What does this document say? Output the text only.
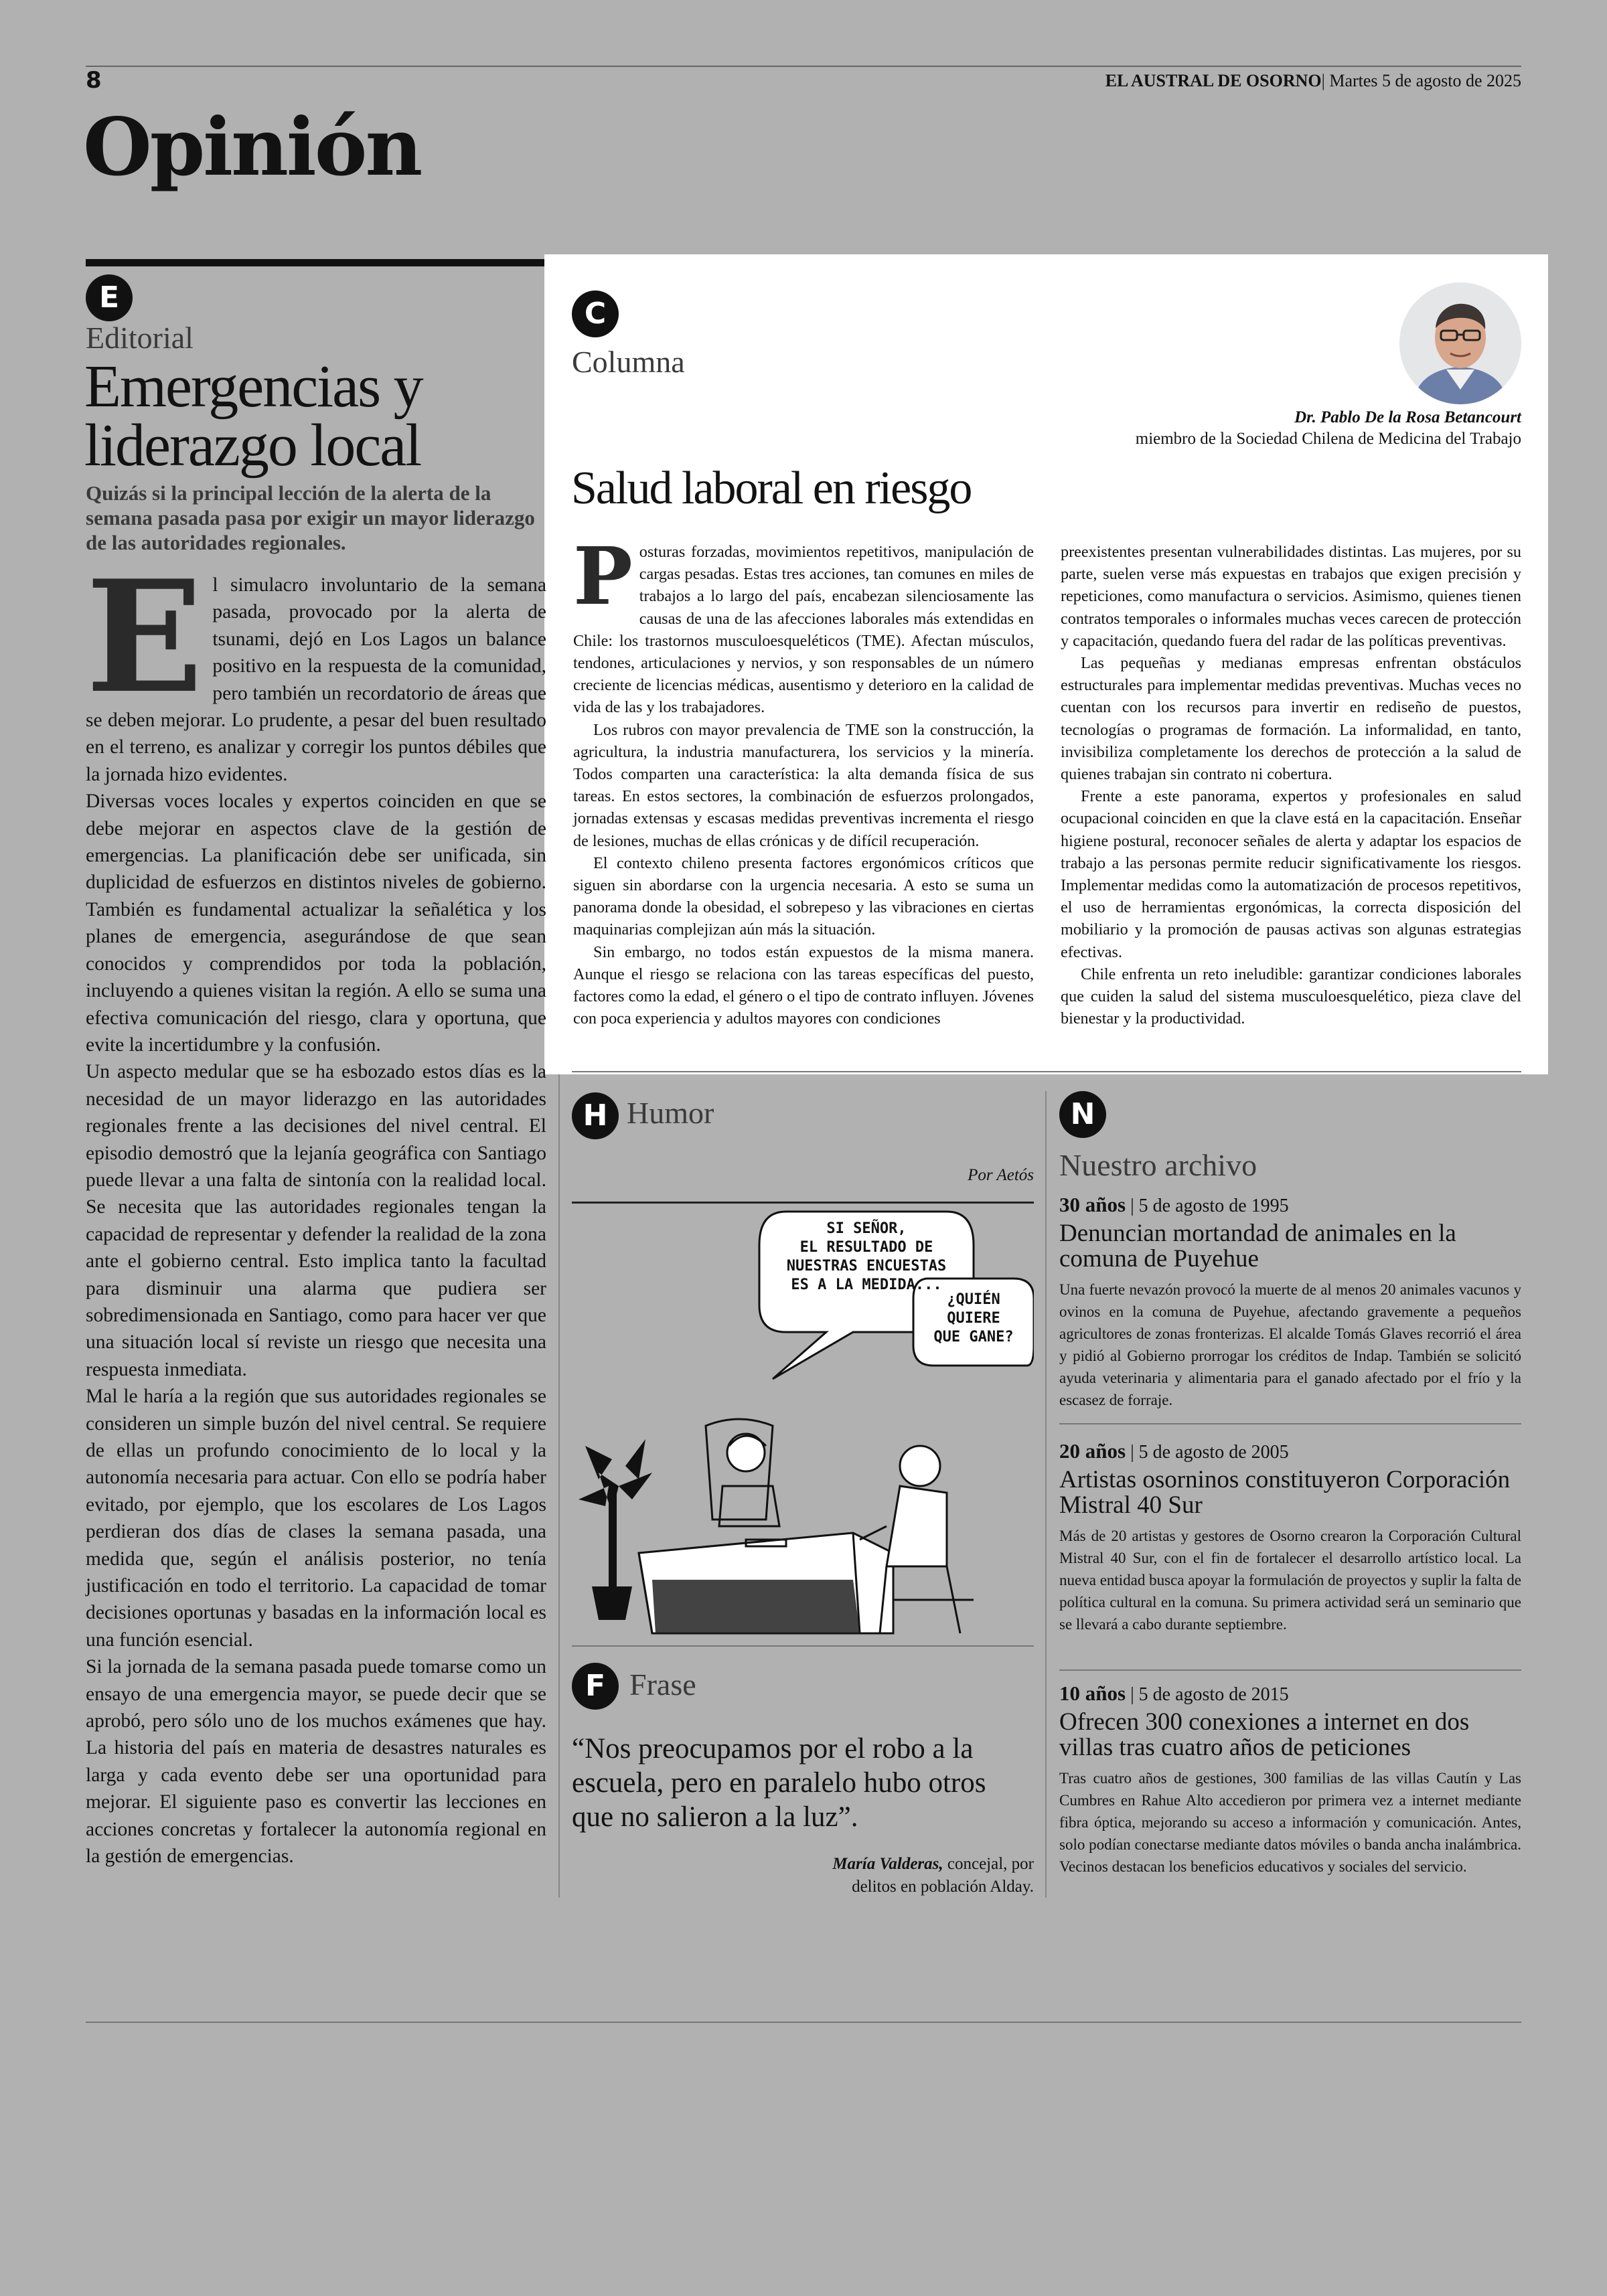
8	EL AUSTRAL DE OSORNO| Martes 5 de agosto de 2025
Opinión
E
Editorial
Emergencias y
liderazgo local
Quizás si la principal lección de la alerta de la semana pasada pasa por exigir un mayor liderazgo de las autoridades regionales.
E l simulacro involuntario de la semana pasada, provocado por la alerta de tsunami, dejó en Los Lagos un balance positivo en la respuesta de la comunidad, pero también un recordatorio de áreas que se deben mejorar. Lo prudente, a pesar del buen resultado en el terreno, es analizar y corregir los puntos débiles que la jornada hizo evidentes.

Diversas voces locales y expertos coinciden en que se debe mejorar en aspectos clave de la gestión de emergencias. La planificación debe ser unificada, sin duplicidad de esfuerzos en distintos niveles de gobierno. También es fundamental actualizar la señalética y los planes de emergencia, asegurándose de que sean conocidos y comprendidos por toda la población, incluyendo a quienes visitan la región. A ello se suma una efectiva comunicación del riesgo, clara y oportuna, que evite la incertidumbre y la confusión.

Un aspecto medular que se ha esbozado estos días es la necesidad de un mayor liderazgo en las autoridades regionales frente a las decisiones del nivel central. El episodio demostró que la lejanía geográfica con Santiago puede llevar a una falta de sintonía con la realidad local. Se necesita que las autoridades regionales tengan la capacidad de representar y defender la realidad de la zona ante el gobierno central. Esto implica tanto la facultad para disminuir una alarma que pudiera ser sobredimensionada en Santiago, como para hacer ver que una situación local sí reviste un riesgo que necesita una respuesta inmediata.

Mal le haría a la región que sus autoridades regionales se consideren un simple buzón del nivel central. Se requiere de ellas un profundo conocimiento de lo local y la autonomía necesaria para actuar. Con ello se podría haber evitado, por ejemplo, que los escolares de Los Lagos perdieran dos días de clases la semana pasada, una medida que, según el análisis posterior, no tenía justificación en todo el territorio. La capacidad de tomar decisiones oportunas y basadas en la información local es una función esencial.

Si la jornada de la semana pasada puede tomarse como un ensayo de una emergencia mayor, se puede decir que se aprobó, pero sólo uno de los muchos exámenes que hay. La historia del país en materia de desastres naturales es larga y cada evento debe ser una oportunidad para mejorar. El siguiente paso es convertir las lecciones en acciones concretas y fortalecer la autonomía regional en la gestión de emergencias.

C
Columna
Dr. Pablo De la Rosa Betancourt
miembro de la Sociedad Chilena de Medicina del Trabajo
Salud laboral en riesgo
P osturas forzadas, movimientos repetitivos, manipulación de cargas pesadas. Estas tres acciones, tan comunes en miles de trabajos a lo largo del país, encabezan silenciosamente las causas de una de las afecciones laborales más extendidas en Chile: los trastornos musculoesqueléticos (TME). Afectan músculos, tendones, articulaciones y nervios, y son responsables de un número creciente de licencias médicas, ausentismo y deterioro en la calidad de vida de las y los trabajadores.

Los rubros con mayor prevalencia de TME son la construcción, la agricultura, la industria manufacturera, los servicios y la minería. Todos comparten una característica: la alta demanda física de sus tareas. En estos sectores, la combinación de esfuerzos prolongados, jornadas extensas y escasas medidas preventivas incrementa el riesgo de lesiones, muchas de ellas crónicas y de difícil recuperación.

El contexto chileno presenta factores ergonómicos críticos que siguen sin abordarse con la urgencia necesaria. A esto se suma un panorama donde la obesidad, el sobrepeso y las vibraciones en ciertas maquinarias complejizan aún más la situación.

Sin embargo, no todos están expuestos de la misma manera. Aunque el riesgo se relaciona con las tareas específicas del puesto, factores como la edad, el género o el tipo de contrato influyen. Jóvenes con poca experiencia y adultos mayores con condiciones

preexistentes presentan vulnerabilidades distintas. Las mujeres, por su parte, suelen verse más expuestas en trabajos que exigen precisión y repeticiones, como manufactura o servicios. Asimismo, quienes tienen contratos temporales o informales muchas veces carecen de protección y capacitación, quedando fuera del radar de las políticas preventivas.

Las pequeñas y medianas empresas enfrentan obstáculos estructurales para implementar medidas preventivas. Muchas veces no cuentan con los recursos para invertir en rediseño de puestos, tecnologías o programas de formación. La informalidad, en tanto, invisibiliza completamente los derechos de protección a la salud de quienes trabajan sin contrato ni cobertura.

Frente a este panorama, expertos y profesionales en salud ocupacional coinciden en que la clave está en la capacitación. Enseñar higiene postural, reconocer señales de alerta y adaptar los espacios de trabajo a las personas permite reducir significativamente los riesgos. Implementar medidas como la automatización de procesos repetitivos, el uso de herramientas ergonómicas, la correcta disposición del mobiliario y la promoción de pausas activas son algunas estrategias efectivas.

Chile enfrenta un reto ineludible: garantizar condiciones laborales que cuiden la salud del sistema musculoesquelético, pieza clave del bienestar y la productividad.

H Humor
Por Aetós
SI SEÑOR,
EL RESULTADO DE
NUESTRAS ENCUESTAS
ES A LA MEDIDA...
¿QUIÉN
QUIERE
QUE GANE?
F Frase
“Nos preocupamos por el robo a la escuela, pero en paralelo hubo otros que no salieron a la luz”.
María Valderas, concejal, por delitos en población Alday.
N
Nuestro archivo
30 años | 5 de agosto de 1995
Denuncian mortandad de animales en la comuna de Puyehue
Una fuerte nevazón provocó la muerte de al menos 20 animales vacunos y ovinos en la comuna de Puyehue, afectando gravemente a pequeños agricultores de zonas fronterizas. El alcalde Tomás Glaves recorrió el área y pidió al Gobierno prorrogar los créditos de Indap. También se solicitó ayuda veterinaria y alimentaria para el ganado afectado por el frío y la escasez de forraje.
20 años | 5 de agosto de 2005
Artistas osorninos constituyeron Corporación Mistral 40 Sur
Más de 20 artistas y gestores de Osorno crearon la Corporación Cultural Mistral 40 Sur, con el fin de fortalecer el desarrollo artístico local. La nueva entidad busca apoyar la formulación de proyectos y suplir la falta de política cultural en la comuna. Su primera actividad será un seminario que se llevará a cabo durante septiembre.
10 años | 5 de agosto de 2015
Ofrecen 300 conexiones a internet en dos villas tras cuatro años de peticiones
Tras cuatro años de gestiones, 300 familias de las villas Cautín y Las Cumbres en Rahue Alto accedieron por primera vez a internet mediante fibra óptica, mejorando su acceso a información y comunicación. Antes, solo podían conectarse mediante datos móviles o banda ancha inalámbrica. Vecinos destacan los beneficios educativos y sociales del servicio.
